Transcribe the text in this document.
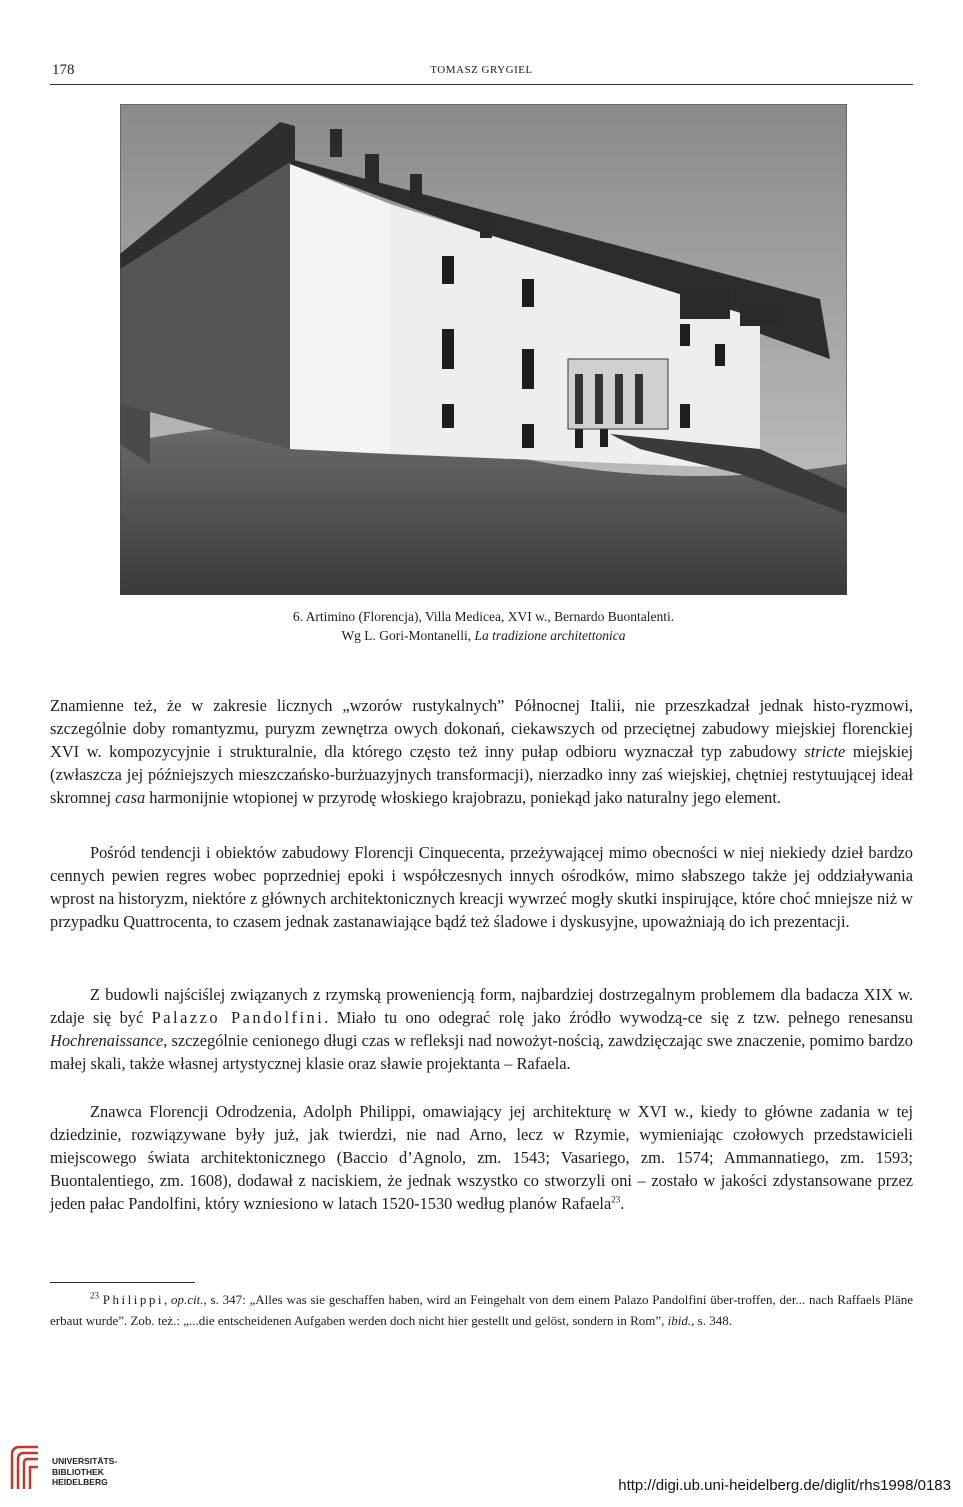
178	TOMASZ GRYGIEL
6. Artimino (Florencja), Villa Medicea, XVI w., Bernardo Buontalenti.
Wg L. Gori-Montanelli, La tradizione architettonica

Znamienne też, że w zakresie licznych „wzorów rustykalnych” Północnej Italii, nie przeszkadzał jednak histo-ryzmowi, szczególnie doby romantyzmu, puryzm zewnętrza owych dokonań, ciekawszych od przeciętnej zabudowy miejskiej florenckiej XVI w. kompozycyjnie i strukturalnie, dla którego często też inny pułap odbioru wyznaczał typ zabudowy stricte miejskiej (zwłaszcza jej późniejszych mieszczańsko-burżuazyjnych transformacji), nierzadko inny zaś wiejskiej, chętniej restytuującej ideał skromnej casa harmonijnie wtopionej w przyrodę włoskiego krajobrazu, poniekąd jako naturalny jego element.

Pośród tendencji i obiektów zabudowy Florencji Cinquecenta, przeżywającej mimo obecności w niej niekiedy dzieł bardzo cennych pewien regres wobec poprzedniej epoki i współczesnych innych ośrodków, mimo słabszego także jej oddziaływania wprost na historyzm, niektóre z głównych architektonicznych kreacji wywrzeć mogły skutki inspirujące, które choć mniejsze niż w przypadku Quattrocenta, to czasem jednak zastanawiające bądź też śladowe i dyskusyjne, upoważniają do ich prezentacji.

Z budowli najściślej związanych z rzymską proweniencją form, najbardziej dostrzegalnym problemem dla badacza XIX w. zdaje się być Palazzo Pandolfini. Miało tu ono odegrać rolę jako źródło wywodzą-ce się z tzw. pełnego renesansu Hochrenaissance, szczególnie cenionego długi czas w refleksji nad nowożyt-nością, zawdzięczając swe znaczenie, pomimo bardzo małej skali, także własnej artystycznej klasie oraz sławie projektanta – Rafaela.

Znawca Florencji Odrodzenia, Adolph Philippi, omawiający jej architekturę w XVI w., kiedy to główne zadania w tej dziedzinie, rozwiązywane były już, jak twierdzi, nie nad Arno, lecz w Rzymie, wymieniając czołowych przedstawicieli miejscowego świata architektonicznego (Baccio d’Agnolo, zm. 1543; Vasariego, zm. 1574; Ammannatiego, zm. 1593; Buontalentiego, zm. 1608), dodawał z naciskiem, że jednak wszystko co stworzyli oni – zostało w jakości zdystansowane przez jeden pałac Pandolfini, który wzniesiono w latach 1520-1530 według planów Rafaela$^{23}$.

$^{23}$ Philippi, op.cit., s. 347: „Alles was sie geschaffen haben, wird an Feingehalt von dem einem Palazo Pandolfini über-troffen, der... nach Raffaels Pläne erbaut wurde”. Zob. też.: „...die entscheidenen Aufgaben werden doch nicht hier gestellt und gelöst, sondern in Rom”, ibid., s. 348.

UNIVERSITÄTS-
BIBLIOTHEK
HEIDELBERG	http://digi.ub.uni-heidelberg.de/diglit/rhs1998/0183
